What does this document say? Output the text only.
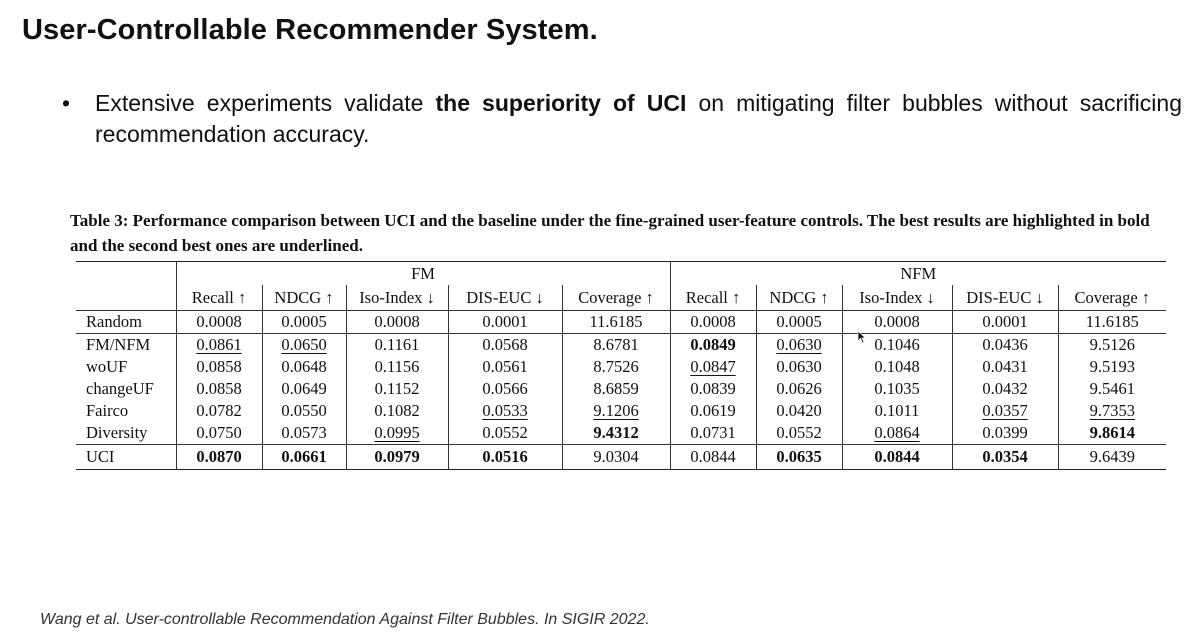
User-Controllable Recommender System.
• Extensive experiments validate the superiority of UCI on mitigating filter bubbles without sacrificing recommendation accuracy.
Table 3: Performance comparison between UCI and the baseline under the fine-grained user-feature controls. The best results are highlighted in bold and the second best ones are underlined.
	FM					NFM				
	Recall ↑	NDCG ↑	Iso-Index ↓	DIS-EUC ↓	Coverage ↑	Recall ↑	NDCG ↑	Iso-Index ↓	DIS-EUC ↓	Coverage ↑
Random	0.0008	0.0005	0.0008	0.0001	11.6185	0.0008	0.0005	0.0008	0.0001	11.6185
FM/NFM	0.0861	0.0650	0.1161	0.0568	8.6781	0.0849	0.0630	0.1046	0.0436	9.5126
woUF	0.0858	0.0648	0.1156	0.0561	8.7526	0.0847	0.0630	0.1048	0.0431	9.5193
changeUF	0.0858	0.0649	0.1152	0.0566	8.6859	0.0839	0.0626	0.1035	0.0432	9.5461
Fairco	0.0782	0.0550	0.1082	0.0533	9.1206	0.0619	0.0420	0.1011	0.0357	9.7353
Diversity	0.0750	0.0573	0.0995	0.0552	9.4312	0.0731	0.0552	0.0864	0.0399	9.8614
UCI	0.0870	0.0661	0.0979	0.0516	9.0304	0.0844	0.0635	0.0844	0.0354	9.6439
Wang et al. User-controllable Recommendation Against Filter Bubbles. In SIGIR 2022.
